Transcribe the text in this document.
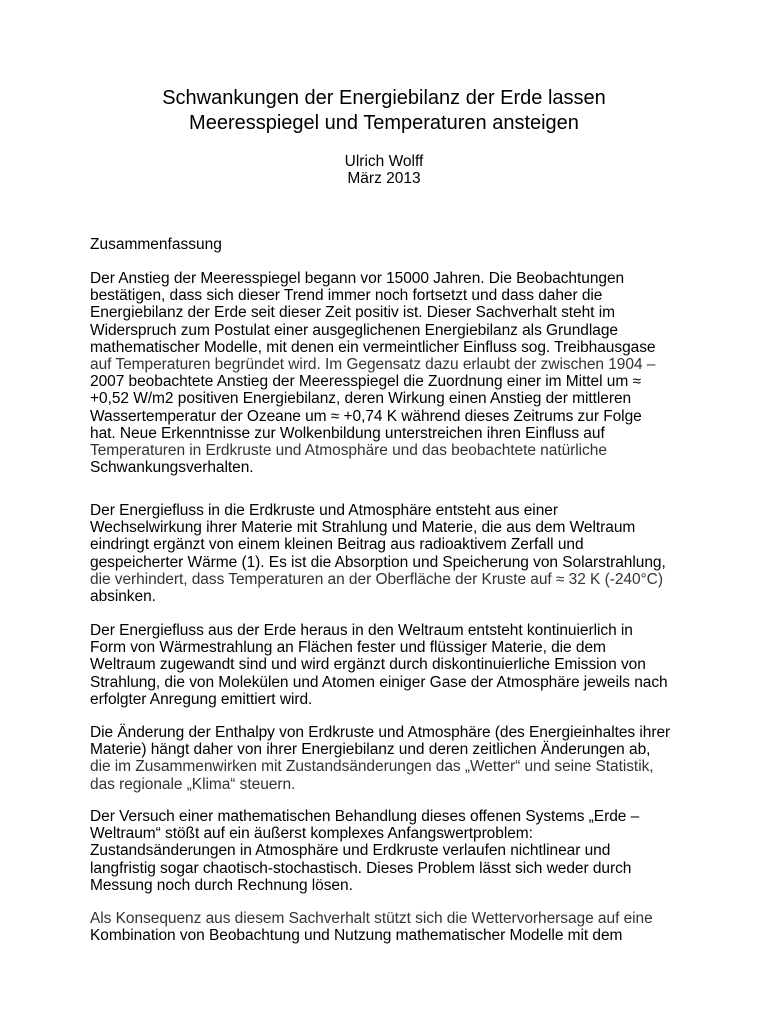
Schwankungen der Energiebilanz der Erde lassen
Meeresspiegel und Temperaturen ansteigen
Ulrich Wolff
März 2013
Zusammenfassung
Der Anstieg der Meeresspiegel begann vor 15000 Jahren. Die Beobachtungen
bestätigen, dass sich dieser Trend immer noch fortsetzt und dass daher die
Energiebilanz der Erde seit dieser Zeit positiv ist. Dieser Sachverhalt steht im
Widerspruch zum Postulat einer ausgeglichenen Energiebilanz als Grundlage
mathematischer Modelle, mit denen ein vermeintlicher Einfluss sog. Treibhausgase
auf Temperaturen begründet wird. Im Gegensatz dazu erlaubt der zwischen 1904 –
2007 beobachtete Anstieg der Meeresspiegel die Zuordnung einer im Mittel um ≈
+0,52 W/m2 positiven Energiebilanz, deren Wirkung einen Anstieg der mittleren
Wassertemperatur der Ozeane um ≈ +0,74 K während dieses Zeitrums zur Folge
hat. Neue Erkenntnisse zur Wolkenbildung unterstreichen ihren Einfluss auf
Temperaturen in Erdkruste und Atmosphäre und das beobachtete natürliche
Schwankungsverhalten.
Der Energiefluss in die Erdkruste und Atmosphäre entsteht aus einer
Wechselwirkung ihrer Materie mit Strahlung und Materie, die aus dem Weltraum
eindringt ergänzt von einem kleinen Beitrag aus radioaktivem Zerfall und
gespeicherter Wärme (1). Es ist die Absorption und Speicherung von Solarstrahlung,
die verhindert, dass Temperaturen an der Oberfläche der Kruste auf ≈ 32 K (-240°C)
absinken.
Der Energiefluss aus der Erde heraus in den Weltraum entsteht kontinuierlich in
Form von Wärmestrahlung an Flächen fester und flüssiger Materie, die dem
Weltraum zugewandt sind und wird ergänzt durch diskontinuierliche Emission von
Strahlung, die von Molekülen und Atomen einiger Gase der Atmosphäre jeweils nach
erfolgter Anregung emittiert wird.
Die Änderung der Enthalpy von Erdkruste und Atmosphäre (des Energieinhaltes ihrer
Materie) hängt daher von ihrer Energiebilanz und deren zeitlichen Änderungen ab,
die im Zusammenwirken mit Zustandsänderungen das „Wetter“ und seine Statistik,
das regionale „Klima“ steuern.
Der Versuch einer mathematischen Behandlung dieses offenen Systems „Erde –
Weltraum“ stößt auf ein äußerst komplexes Anfangswertproblem:
Zustandsänderungen in Atmosphäre und Erdkruste verlaufen nichtlinear und
langfristig sogar chaotisch-stochastisch. Dieses Problem lässt sich weder durch
Messung noch durch Rechnung lösen.
Als Konsequenz aus diesem Sachverhalt stützt sich die Wettervorhersage auf eine
Kombination von Beobachtung und Nutzung mathematischer Modelle mit dem
